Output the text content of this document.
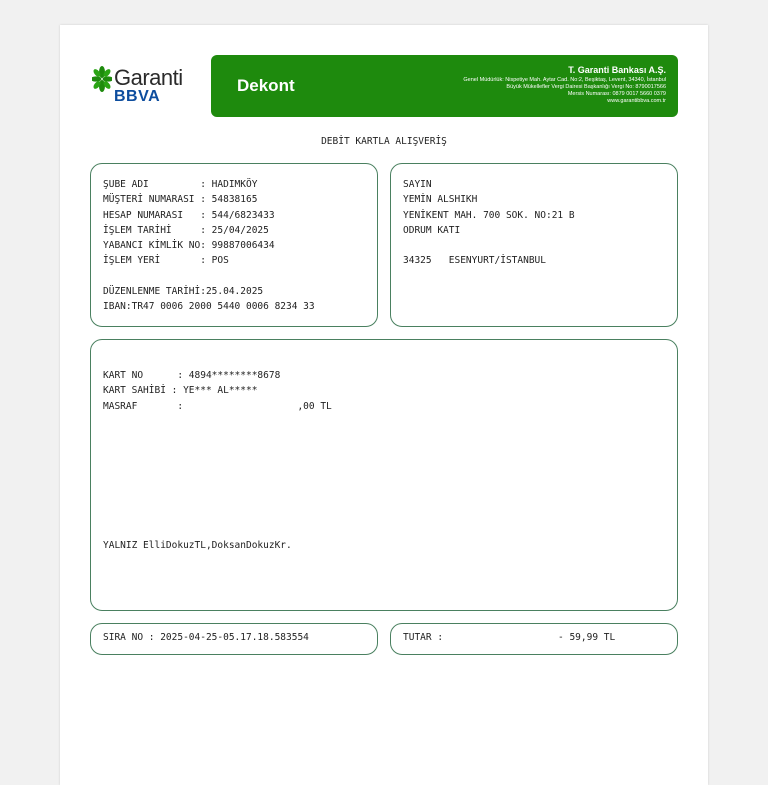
Garanti
BBVA
Dekont
T. Garanti Bankası A.Ş.
Genel Müdürlük: Nispetiye Mah. Aytar Cad. No:2, Beşiktaş, Levent, 34340, İstanbul
Büyük Mükellefler Vergi Dairesi Başkanlığı Vergi No: 8790017566
Mersis Numarası: 0879 0017 5660 0379
www.garantibbva.com.tr
DEBİT KARTLA ALIŞVERİŞ
ŞUBE ADI         : HADIMKÖY
MÜŞTERİ NUMARASI : 54838165
HESAP NUMARASI   : 544/6823433
İŞLEM TARİHİ     : 25/04/2025
YABANCI KİMLİK NO: 99887006434
İŞLEM YERİ       : POS

DÜZENLENME TARİHİ:25.04.2025
IBAN:TR47 0006 2000 5440 0006 8234 33
SAYIN
YEMİN ALSHIKH
YENİKENT MAH. 700 SOK. NO:21 B
ODRUM KATI

34325   ESENYURT/İSTANBUL
KART NO      : 4894********8678
KART SAHİBİ : YE*** AL*****
MASRAF       :                    ,00 TL
YALNIZ ElliDokuzTL,DoksanDokuzKr.
SIRA NO : 2025-04-25-05.17.18.583554	TUTAR :	- 59,99 TL
